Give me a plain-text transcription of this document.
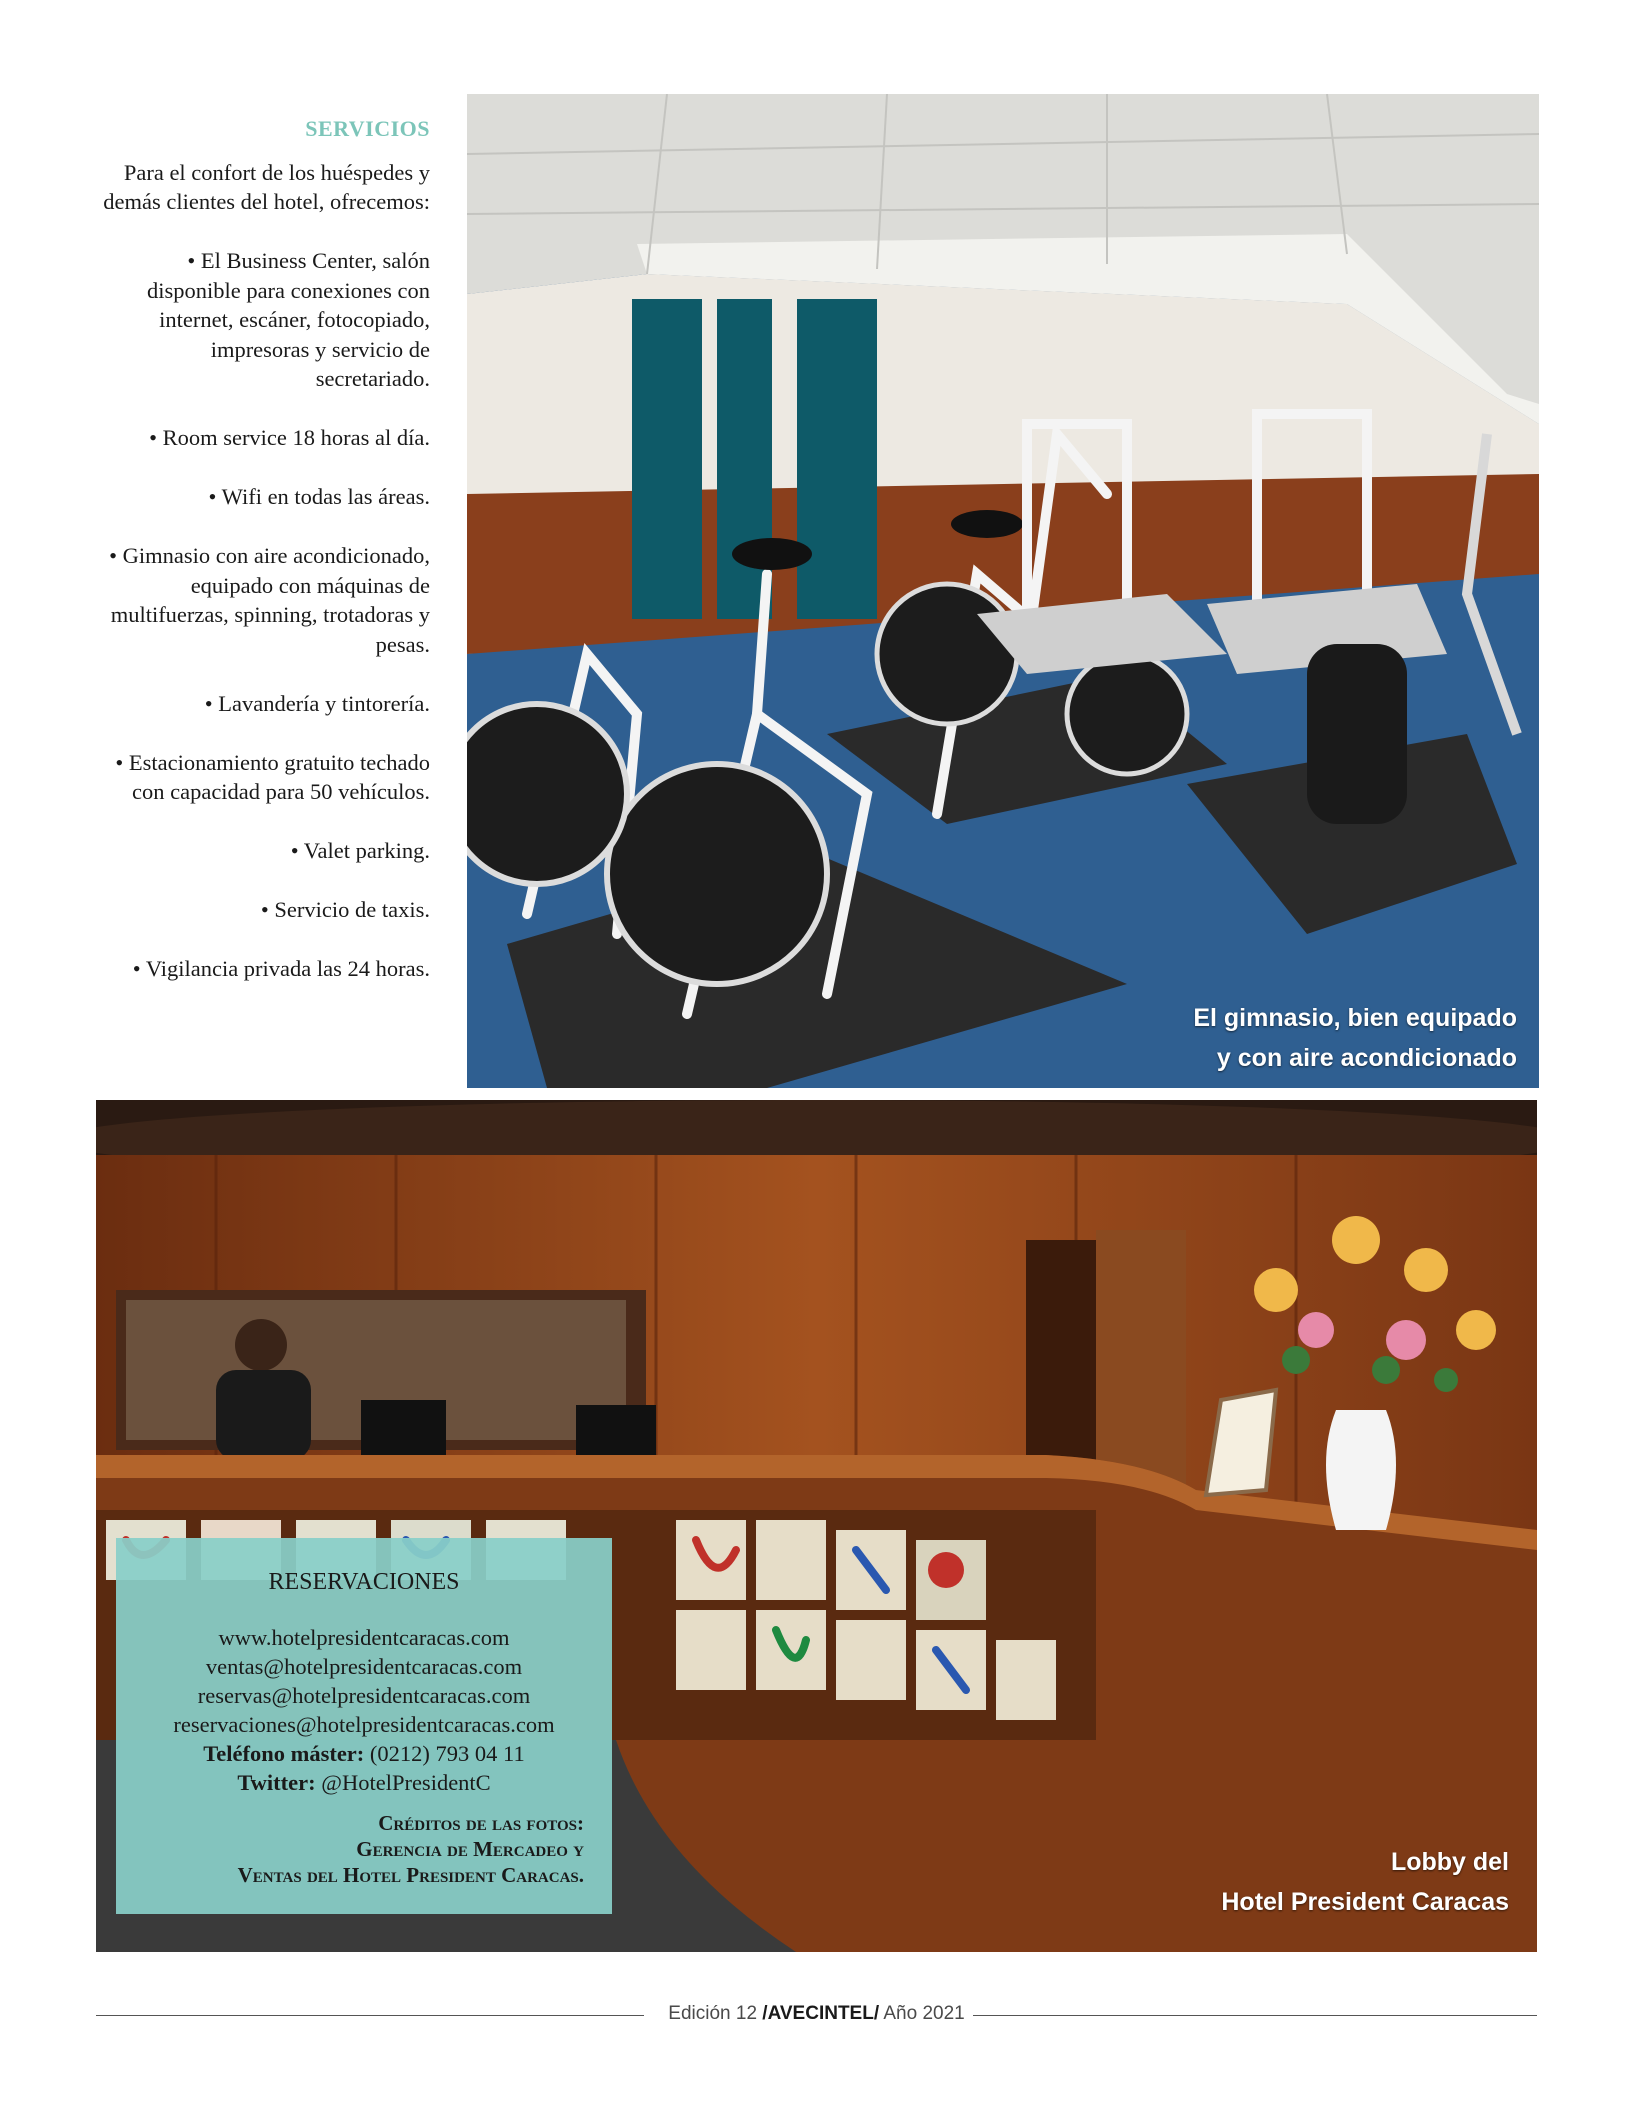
SERVICIOS

Para el confort de los huéspedes y demás clientes del hotel, ofrecemos:

• El Business Center, salón disponible para conexiones con internet, escáner, fotocopiado, impresoras y servicio de secretariado.

• Room service 18 horas al día.

• Wifi en todas las áreas.

• Gimnasio con aire acondicionado, equipado con máquinas de multifuerzas, spinning, trotadoras y pesas.

• Lavandería y tintorería.

• Estacionamiento gratuito techado con capacidad para 50 vehículos.

• Valet parking.

• Servicio de taxis.

• Vigilancia privada las 24 horas.

El gimnasio, bien equipado
y con aire acondicionado
Lobby del
Hotel President Caracas
RESERVACIONES
www.hotelpresidentcaracas.com
ventas@hotelpresidentcaracas.com
reservas@hotelpresidentcaracas.com
reservaciones@hotelpresidentcaracas.com
Teléfono máster: (0212) 793 04 11
Twitter: @HotelPresidentC
Créditos de las fotos:
Gerencia de Mercadeo y
Ventas del Hotel President Caracas.
Edición 12 /AVECINTEL/ Año 2021
